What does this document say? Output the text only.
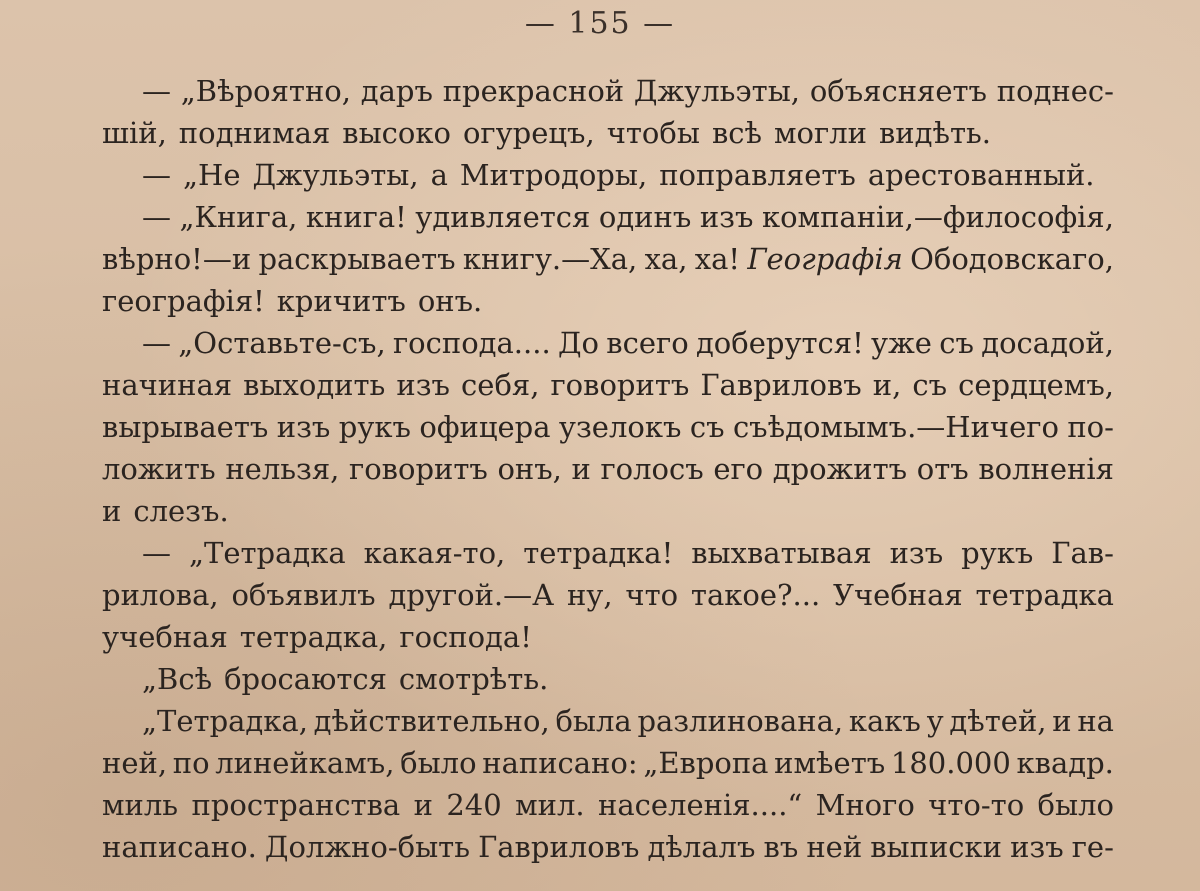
— 155 —
— „Вѣроятно, даръ прекрасной Джульэты, объясняетъ поднес-
шій, поднимая высоко огурецъ, чтобы всѣ могли видѣть.
— „Не Джульэты, а Митродоры, поправляетъ арестованный.
— „Книга, книга! удивляется одинъ изъ компаніи,—философія,
вѣрно!—и раскрываетъ книгу.—Ха, ха, ха! Географія Ободовскаго,
географія! кричитъ онъ.
— „Оставьте-съ, господа.... До всего доберутся! уже съ досадой,
начиная выходить изъ себя, говоритъ Гавриловъ и, съ сердцемъ,
вырываетъ изъ рукъ офицера узелокъ съ съѣдомымъ.—Ничего по-
ложить нельзя, говоритъ онъ, и голосъ его дрожитъ отъ волненія
и слезъ.
— „Тетрадка какая-то, тетрадка! выхватывая изъ рукъ Гав-
рилова, объявилъ другой.—А ну, что такое?... Учебная тетрадка
учебная тетрадка, господа!
„Всѣ бросаются смотрѣть.
„Тетрадка, дѣйствительно, была разлинована, какъ у дѣтей, и на
ней, по линейкамъ, было написано: „Европа имѣетъ 180.000 квадр.
миль пространства и 240 мил. населенія....“ Много что-то было
написано. Должно-быть Гавриловъ дѣлалъ въ ней выписки изъ ге-
